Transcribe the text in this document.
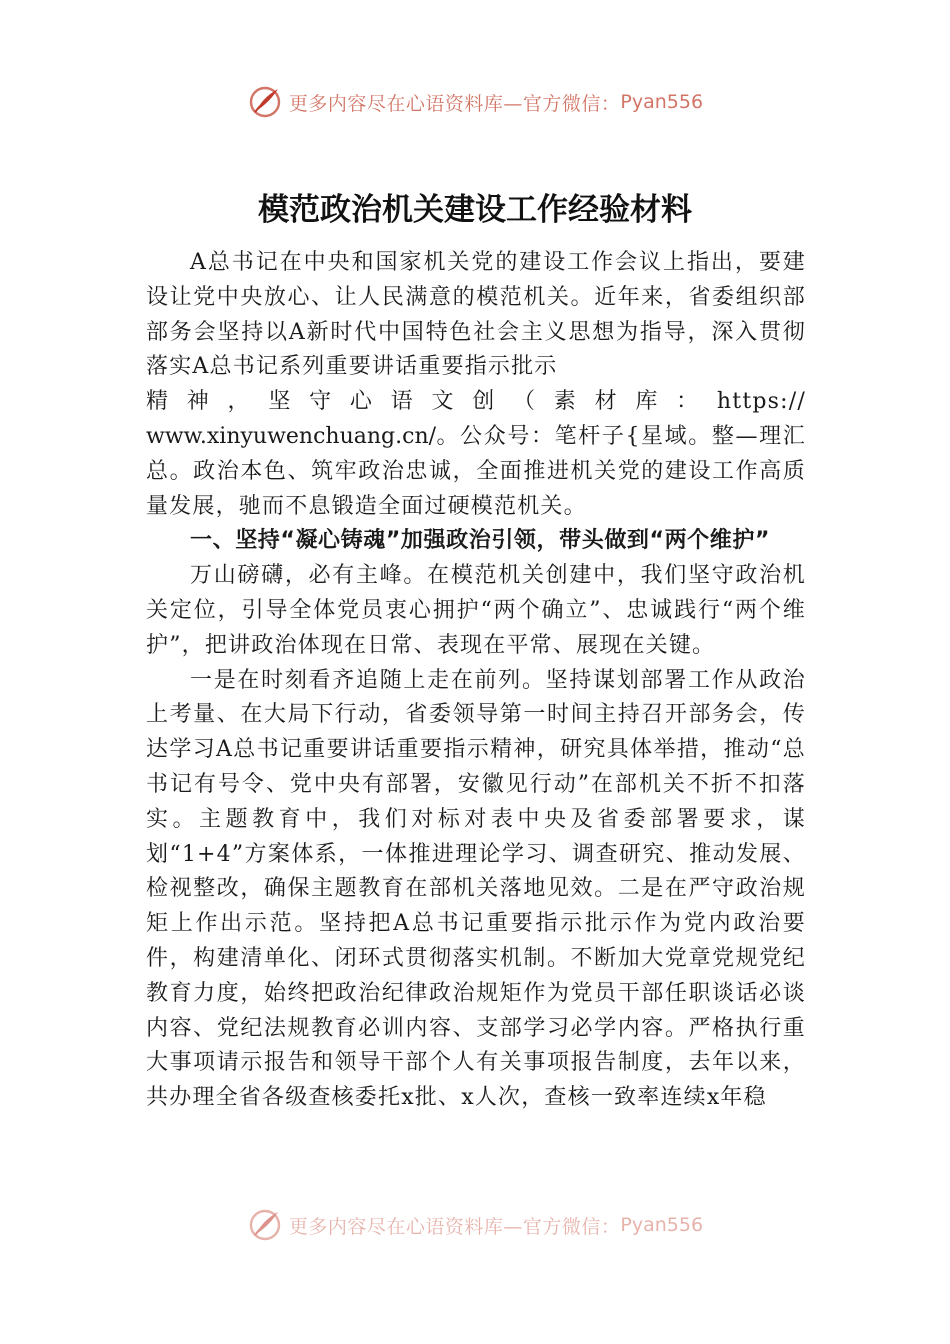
更多内容尽在心语资料库—官方微信： Pyan556
模范政治机关建设工作经验材料

A总书记在中央和国家机关党的建设工作会议上指出，要建设让党中央放心、让人民满意的模范机关。近年来，省委组织部部务会坚持以A新时代中国特色社会主义思想为指导，深入贯彻落实A总书记系列重要讲话重要指示批示

精 神 ， 坚 守 心 语 文 创 （ 素 材 库 ： https://

www.xinyuwenchuang.cn/。公众号：笔杆子{星域。整—理汇总。政治本色、筑牢政治忠诚，全面推进机关党的建设工作高质量发展，驰而不息锻造全面过硬模范机关。

一、坚持“凝心铸魂”加强政治引领，带头做到“两个维护”

万山磅礴，必有主峰。在模范机关创建中，我们坚守政治机关定位，引导全体党员衷心拥护“两个确立”、忠诚践行“两个维护”，把讲政治体现在日常、表现在平常、展现在关键。

一是在时刻看齐追随上走在前列。坚持谋划部署工作从政治上考量、在大局下行动，省委领导第一时间主持召开部务会，传达学习A总书记重要讲话重要指示精神，研究具体举措，推动“总书记有号令、党中央有部署，安徽见行动”在部机关不折不扣落实。主题教育中，我们对标对表中央及省委部署要求，谋划“1+4”方案体系，一体推进理论学习、调查研究、推动发展、检视整改，确保主题教育在部机关落地见效。二是在严守政治规矩上作出示范。坚持把A总书记重要指示批示作为党内政治要件，构建清单化、闭环式贯彻落实机制。不断加大党章党规党纪教育力度，始终把政治纪律政治规矩作为党员干部任职谈话必谈内容、党纪法规教育必训内容、支部学习必学内容。严格执行重大事项请示报告和领导干部个人有关事项报告制度，去年以来，共办理全省各级查核委托x批、x人次，查核一致率连续x年稳

更多内容尽在心语资料库—官方微信： Pyan556
